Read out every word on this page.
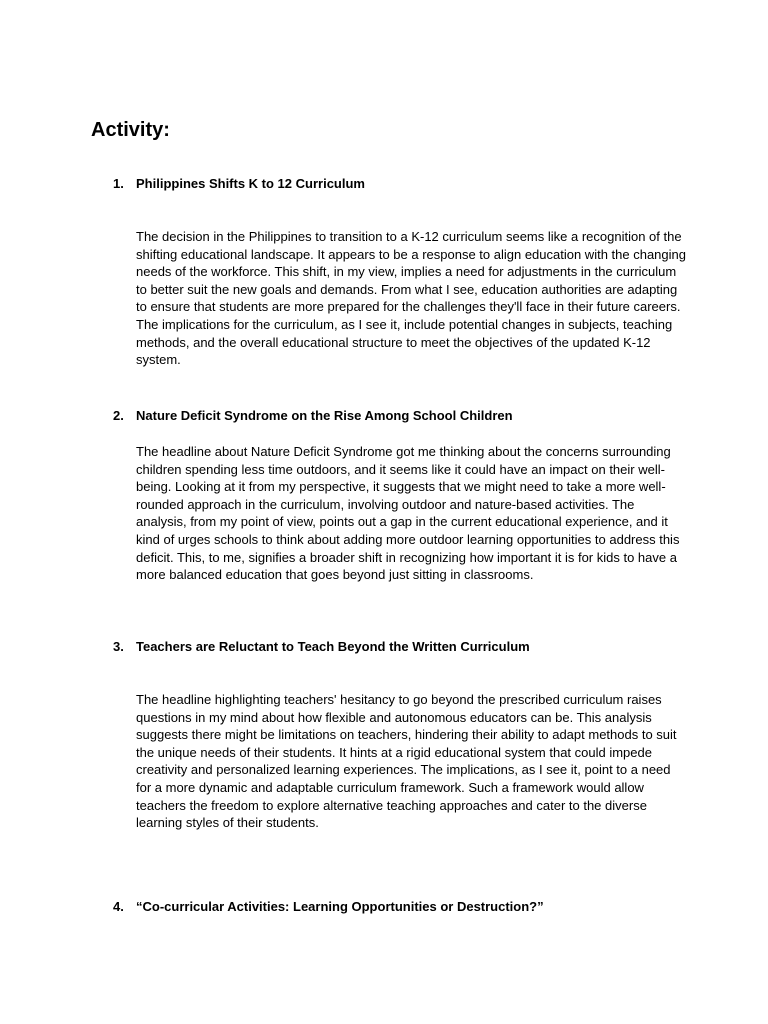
Activity:
1. Philippines Shifts K to 12 Curriculum

The decision in the Philippines to transition to a K-12 curriculum seems like a recognition of the shifting educational landscape. It appears to be a response to align education with the changing needs of the workforce. This shift, in my view, implies a need for adjustments in the curriculum to better suit the new goals and demands. From what I see, education authorities are adapting to ensure that students are more prepared for the challenges they'll face in their future careers. The implications for the curriculum, as I see it, include potential changes in subjects, teaching methods, and the overall educational structure to meet the objectives of the updated K-12 system.

2. Nature Deficit Syndrome on the Rise Among School Children

The headline about Nature Deficit Syndrome got me thinking about the concerns surrounding children spending less time outdoors, and it seems like it could have an impact on their well-being. Looking at it from my perspective, it suggests that we might need to take a more well-rounded approach in the curriculum, involving outdoor and nature-based activities. The analysis, from my point of view, points out a gap in the current educational experience, and it kind of urges schools to think about adding more outdoor learning opportunities to address this deficit. This, to me, signifies a broader shift in recognizing how important it is for kids to have a more balanced education that goes beyond just sitting in classrooms.

3. Teachers are Reluctant to Teach Beyond the Written Curriculum

The headline highlighting teachers' hesitancy to go beyond the prescribed curriculum raises questions in my mind about how flexible and autonomous educators can be. This analysis suggests there might be limitations on teachers, hindering their ability to adapt methods to suit the unique needs of their students. It hints at a rigid educational system that could impede creativity and personalized learning experiences. The implications, as I see it, point to a need for a more dynamic and adaptable curriculum framework. Such a framework would allow teachers the freedom to explore alternative teaching approaches and cater to the diverse learning styles of their students.

4. “Co-curricular Activities: Learning Opportunities or Destruction?”
